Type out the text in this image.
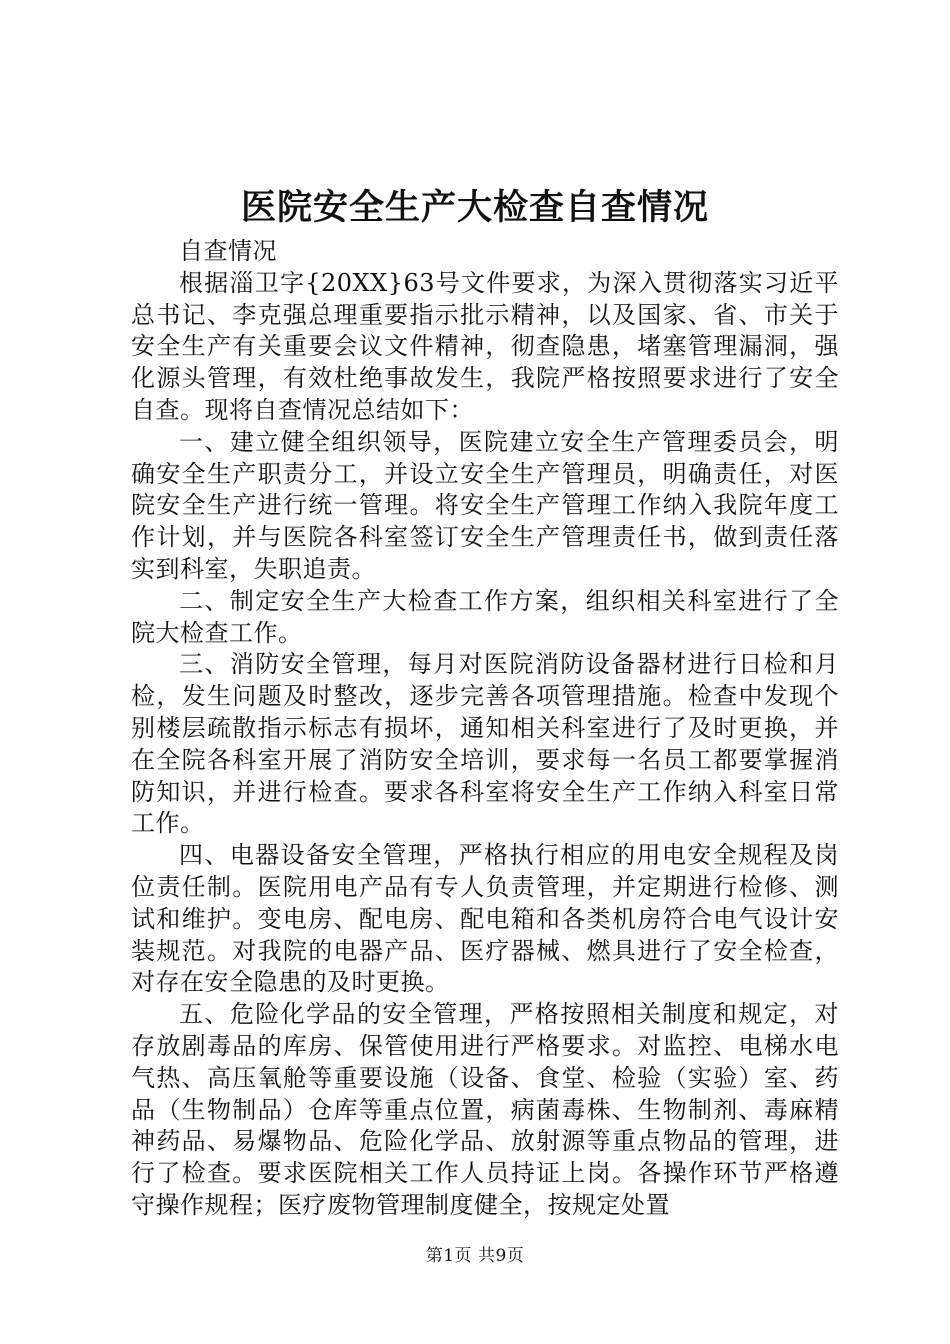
医院安全生产大检查自查情况

自查情况

根据淄卫字{20XX}63号文件要求，为深入贯彻落实习近平总书记、李克强总理重要指示批示精神，以及国家、省、市关于安全生产有关重要会议文件精神，彻查隐患，堵塞管理漏洞，强化源头管理，有效杜绝事故发生，我院严格按照要求进行了安全自查。现将自查情况总结如下：

一、建立健全组织领导，医院建立安全生产管理委员会，明确安全生产职责分工，并设立安全生产管理员，明确责任，对医院安全生产进行统一管理。将安全生产管理工作纳入我院年度工作计划，并与医院各科室签订安全生产管理责任书，做到责任落实到科室，失职追责。

二、制定安全生产大检查工作方案，组织相关科室进行了全院大检查工作。

三、消防安全管理，每月对医院消防设备器材进行日检和月检，发生问题及时整改，逐步完善各项管理措施。检查中发现个别楼层疏散指示标志有损坏，通知相关科室进行了及时更换，并在全院各科室开展了消防安全培训，要求每一名员工都要掌握消防知识，并进行检查。要求各科室将安全生产工作纳入科室日常工作。

四、电器设备安全管理，严格执行相应的用电安全规程及岗位责任制。医院用电产品有专人负责管理，并定期进行检修、测试和维护。变电房、配电房、配电箱和各类机房符合电气设计安装规范。对我院的电器产品、医疗器械、燃具进行了安全检查，对存在安全隐患的及时更换。

五、危险化学品的安全管理，严格按照相关制度和规定，对存放剧毒品的库房、保管使用进行严格要求。对监控、电梯水电气热、高压氧舱等重要设施（设备、食堂、检验（实验）室、药品（生物制品）仓库等重点位置，病菌毒株、生物制剂、毒麻精神药品、易爆物品、危险化学品、放射源等重点物品的管理，进行了检查。要求医院相关工作人员持证上岗。各操作环节严格遵守操作规程；医疗废物管理制度健全，按规定处置

第1页 共9页
